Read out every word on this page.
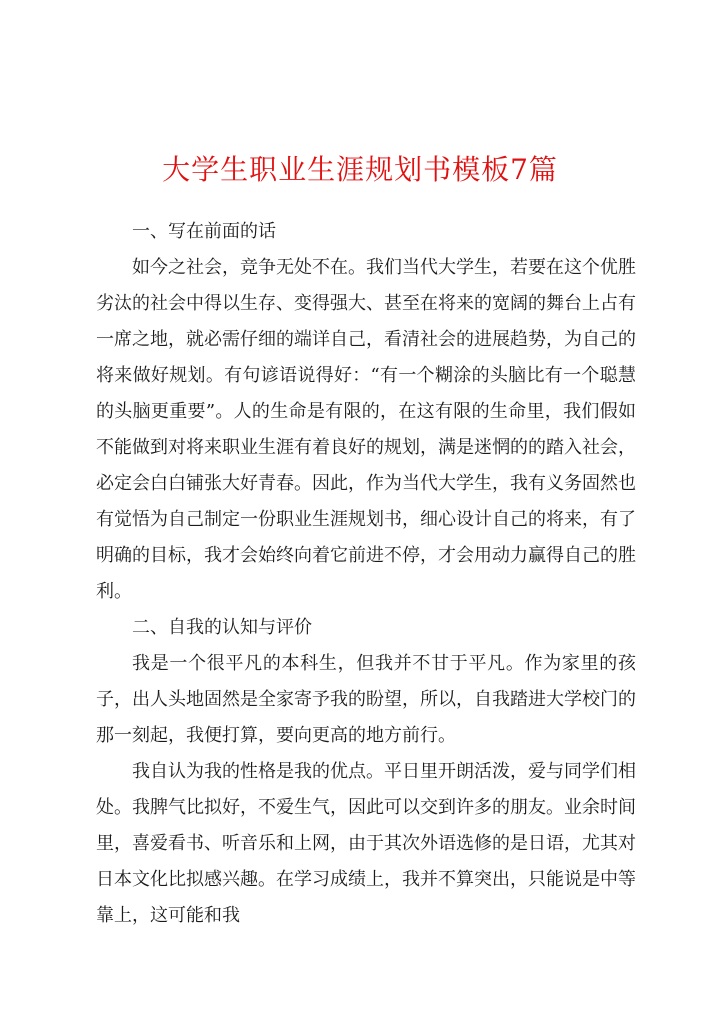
大学生职业生涯规划书模板7篇

一、写在前面的话

如今之社会，竞争无处不在。我们当代大学生，若要在这个优胜劣汰的社会中得以生存、变得强大、甚至在将来的宽阔的舞台上占有一席之地，就必需仔细的端详自己，看清社会的进展趋势，为自己的将来做好规划。有句谚语说得好：“有一个糊涂的头脑比有一个聪慧的头脑更重要”。人的生命是有限的，在这有限的生命里，我们假如不能做到对将来职业生涯有着良好的规划，满是迷惘的的踏入社会，必定会白白铺张大好青春。因此，作为当代大学生，我有义务固然也有觉悟为自己制定一份职业生涯规划书，细心设计自己的将来，有了明确的目标，我才会始终向着它前进不停，才会用动力赢得自己的胜利。

二、自我的认知与评价

我是一个很平凡的本科生，但我并不甘于平凡。作为家里的孩子，出人头地固然是全家寄予我的盼望，所以，自我踏进大学校门的那一刻起，我便打算，要向更高的地方前行。

我自认为我的性格是我的优点。平日里开朗活泼，爱与同学们相处。我脾气比拟好，不爱生气，因此可以交到许多的朋友。业余时间里，喜爱看书、听音乐和上网，由于其次外语选修的是日语，尤其对日本文化比拟感兴趣。在学习成绩上，我并不算突出，只能说是中等靠上，这可能和我
